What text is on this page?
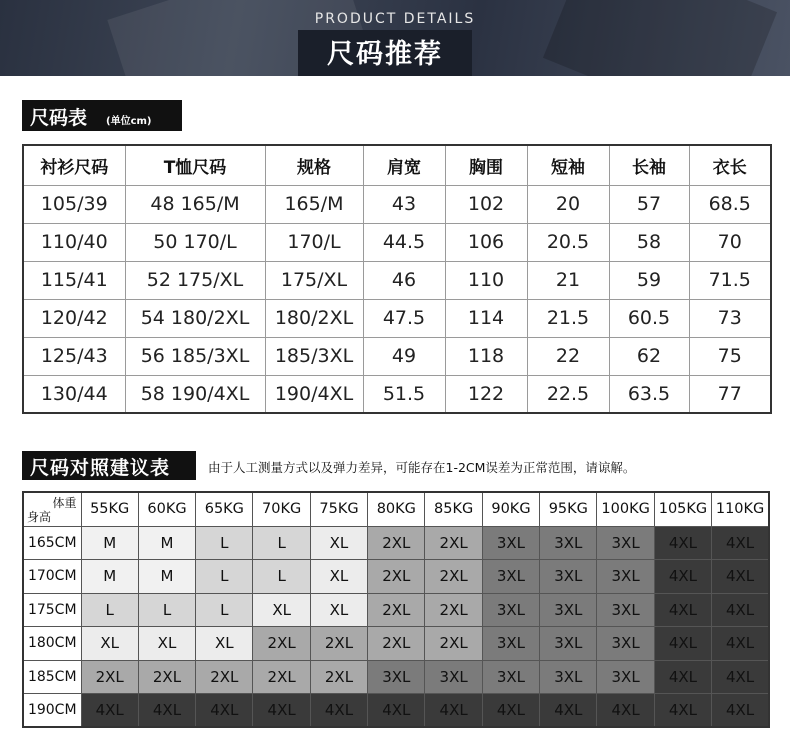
PRODUCT DETAILS
尺码推荐
尺码表 (单位cm)
衬衫尺码	T恤尺码	规格	肩宽	胸围	短袖	长袖	衣长
105/39	48 165/M	165/M	43	102	20	57	68.5
110/40	50 170/L	170/L	44.5	106	20.5	58	70
115/41	52 175/XL	175/XL	46	110	21	59	71.5
120/42	54 180/2XL	180/2XL	47.5	114	21.5	60.5	73
125/43	56 185/3XL	185/3XL	49	118	22	62	75
130/44	58 190/4XL	190/4XL	51.5	122	22.5	63.5	77
尺码对照建议表	由于人工测量方式以及弹力差异，可能存在1-2CM误差为正常范围，请谅解。
体重
身高	55KG	60KG	65KG	70KG	75KG	80KG	85KG	90KG	95KG	100KG	105KG	110KG
165CM	M	M	L	L	XL	2XL	2XL	3XL	3XL	3XL	4XL	4XL
170CM	M	M	L	L	XL	2XL	2XL	3XL	3XL	3XL	4XL	4XL
175CM	L	L	L	XL	XL	2XL	2XL	3XL	3XL	3XL	4XL	4XL
180CM	XL	XL	XL	2XL	2XL	2XL	2XL	3XL	3XL	3XL	4XL	4XL
185CM	2XL	2XL	2XL	2XL	2XL	3XL	3XL	3XL	3XL	3XL	4XL	4XL
190CM	4XL	4XL	4XL	4XL	4XL	4XL	4XL	4XL	4XL	4XL	4XL	4XL
